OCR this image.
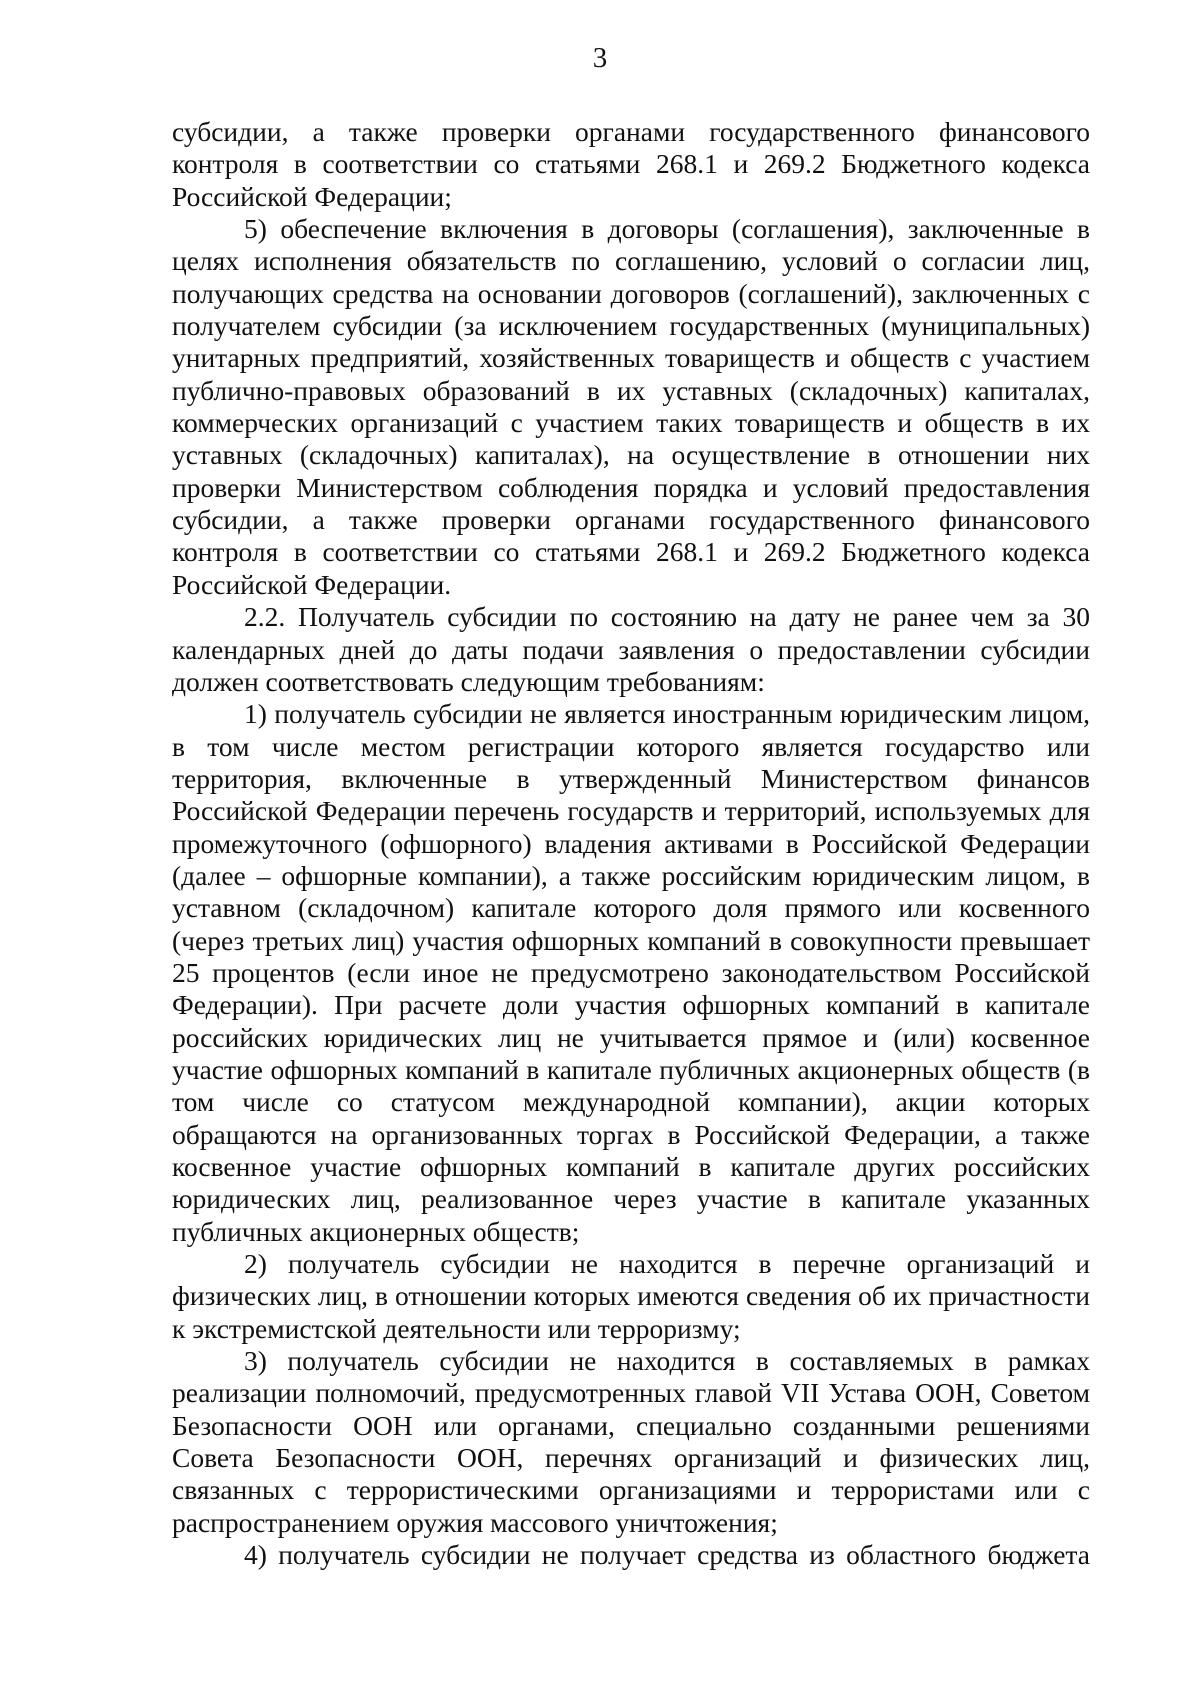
3

субсидии, а также проверки органами государственного финансового контроля в соответствии со статьями 268.1 и 269.2 Бюджетного кодекса Российской Федерации;

5) обеспечение включения в договоры (соглашения), заключенные в целях исполнения обязательств по соглашению, условий о согласии лиц, получающих средства на основании договоров (соглашений), заключенных с получателем субсидии (за исключением государственных (муниципальных) унитарных предприятий, хозяйственных товариществ и обществ с участием публично-правовых образований в их уставных (складочных) капиталах, коммерческих организаций с участием таких товариществ и обществ в их уставных (складочных) капиталах), на осуществление в отношении них проверки Министерством соблюдения порядка и условий предоставления субсидии, а также проверки органами государственного финансового контроля в соответствии со статьями 268.1 и 269.2 Бюджетного кодекса Российской Федерации.

2.2. Получатель субсидии по состоянию на дату не ранее чем за 30 календарных дней до даты подачи заявления о предоставлении субсидии должен соответствовать следующим требованиям:

1) получатель субсидии не является иностранным юридическим лицом, в том числе местом регистрации которого является государство или территория, включенные в утвержденный Министерством финансов Российской Федерации перечень государств и территорий, используемых для промежуточного (офшорного) владения активами в Российской Федерации (далее – офшорные компании), а также российским юридическим лицом, в уставном (складочном) капитале которого доля прямого или косвенного (через третьих лиц) участия офшорных компаний в совокупности превышает 25 процентов (если иное не предусмотрено законодательством Российской Федерации). При расчете доли участия офшорных компаний в капитале российских юридических лиц не учитывается прямое и (или) косвенное участие офшорных компаний в капитале публичных акционерных обществ (в том числе со статусом международной компании), акции которых обращаются на организованных торгах в Российской Федерации, а также косвенное участие офшорных компаний в капитале других российских юридических лиц, реализованное через участие в капитале указанных публичных акционерных обществ;

2) получатель субсидии не находится в перечне организаций и физических лиц, в отношении которых имеются сведения об их причастности к экстремистской деятельности или терроризму;

3) получатель субсидии не находится в составляемых в рамках реализации полномочий, предусмотренных главой VII Устава ООН, Советом Безопасности ООН или органами, специально созданными решениями Совета Безопасности ООН, перечнях организаций и физических лиц, связанных с террористическими организациями и террористами или с распространением оружия массового уничтожения;

4) получатель субсидии не получает средства из областного бюджета
